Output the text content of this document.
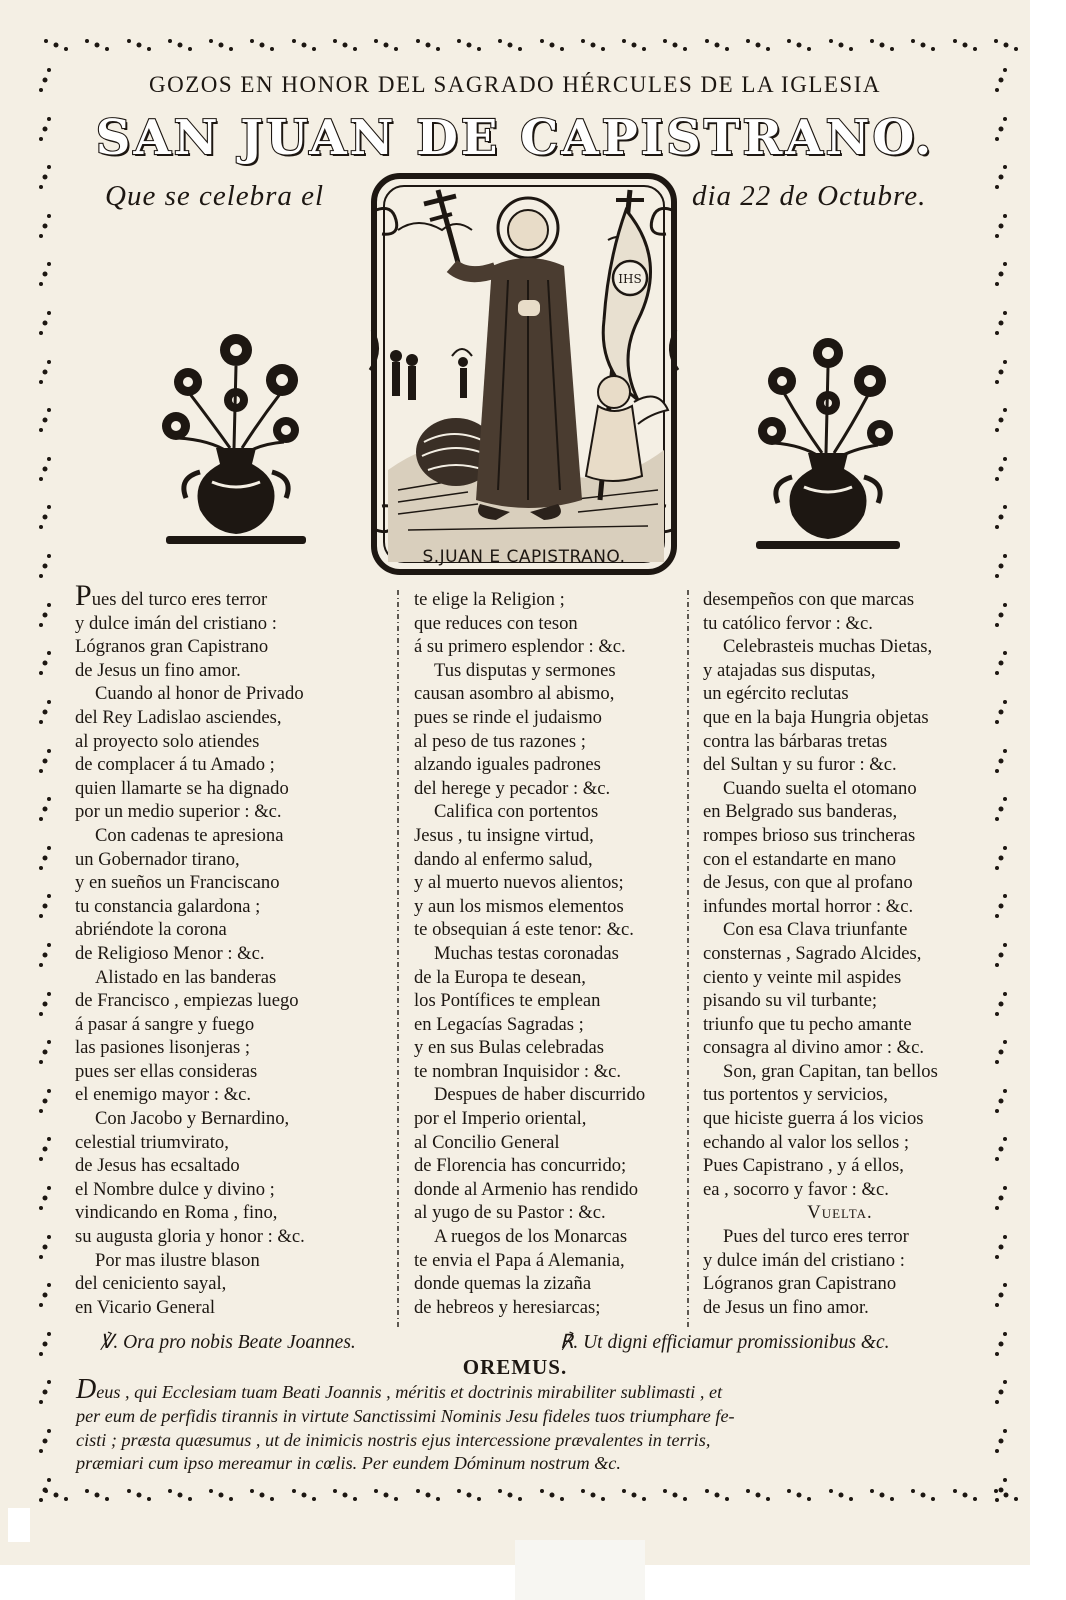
GOZOS EN HONOR DEL SAGRADO HÉRCULES DE LA IGLESIA
SAN JUAN DE CAPISTRANO.
Que se celebra el	dia 22 de Octubre.
IHS
S.JUAN E CAPISTRANO.

Pues del turco eres terror

y dulce imán del cristiano :

Lógranos gran Capistrano

de Jesus un fino amor.

Cuando al honor de Privado

del Rey Ladislao asciendes,

al proyecto solo atiendes

de complacer á tu Amado ;

quien llamarte se ha dignado

por un medio superior : &c.

Con cadenas te apresiona

un Gobernador tirano,

y en sueños un Franciscano

tu constancia galardona ;

abriéndote la corona

de Religioso Menor : &c.

Alistado en las banderas

de Francisco , empiezas luego

á pasar á sangre y fuego

las pasiones lisonjeras ;

pues ser ellas consideras

el enemigo mayor : &c.

Con Jacobo y Bernardino,

celestial triumvirato,

de Jesus has ecsaltado

el Nombre dulce y divino ;

vindicando en Roma , fino,

su augusta gloria y honor : &c.

Por mas ilustre blason

del ceniciento sayal,

en Vicario General

te elige la Religion ;

que reduces con teson

á su primero esplendor : &c.

Tus disputas y sermones

causan asombro al abismo,

pues se rinde el judaismo

al peso de tus razones ;

alzando iguales padrones

del herege y pecador : &c.

Califica con portentos

Jesus , tu insigne virtud,

dando al enfermo salud,

y al muerto nuevos alientos;

y aun los mismos elementos

te obsequian á este tenor: &c.

Muchas testas coronadas

de la Europa te desean,

los Pontífices te emplean

en Legacías Sagradas ;

y en sus Bulas celebradas

te nombran Inquisidor : &c.

Despues de haber discurrido

por el Imperio oriental,

al Concilio General

de Florencia has concurrido;

donde al Armenio has rendido

al yugo de su Pastor : &c.

A ruegos de los Monarcas

te envia el Papa á Alemania,

donde quemas la zizaña

de hebreos y heresiarcas;

desempeños con que marcas

tu católico fervor : &c.

Celebrasteis muchas Dietas,

y atajadas sus disputas,

un egército reclutas

que en la baja Hungria objetas

contra las bárbaras tretas

del Sultan y su furor : &c.

Cuando suelta el otomano

en Belgrado sus banderas,

rompes brioso sus trincheras

con el estandarte en mano

de Jesus, con que al profano

infundes mortal horror : &c.

Con esa Clava triunfante

consternas , Sagrado Alcides,

ciento y veinte mil aspides

pisando su vil turbante;

triunfo que tu pecho amante

consagra al divino amor : &c.

Son, gran Capitan, tan bellos

tus portentos y servicios,

que hiciste guerra á los vicios

echando al valor los sellos ;

Pues Capistrano , y á ellos,

ea , socorro y favor : &c.

Vuelta.

Pues del turco eres terror

y dulce imán del cristiano :

Lógranos gran Capistrano

de Jesus un fino amor.

℣. Ora pro nobis Beate Joannes.	℟. Ut digni efficiamur promissionibus &c.
OREMUS.

Deus , qui Ecclesiam tuam Beati Joannis , méritis et doctrinis mirabiliter sublimasti , et

per eum de perfidis tirannis in virtute Sanctissimi Nominis Jesu fideles tuos triumphare fe-

cisti ; præsta quæsumus , ut de inimicis nostris ejus intercessione prævalentes in terris,

præmiari cum ipso mereamur in cœlis. Per eundem Dóminum nostrum &c.
